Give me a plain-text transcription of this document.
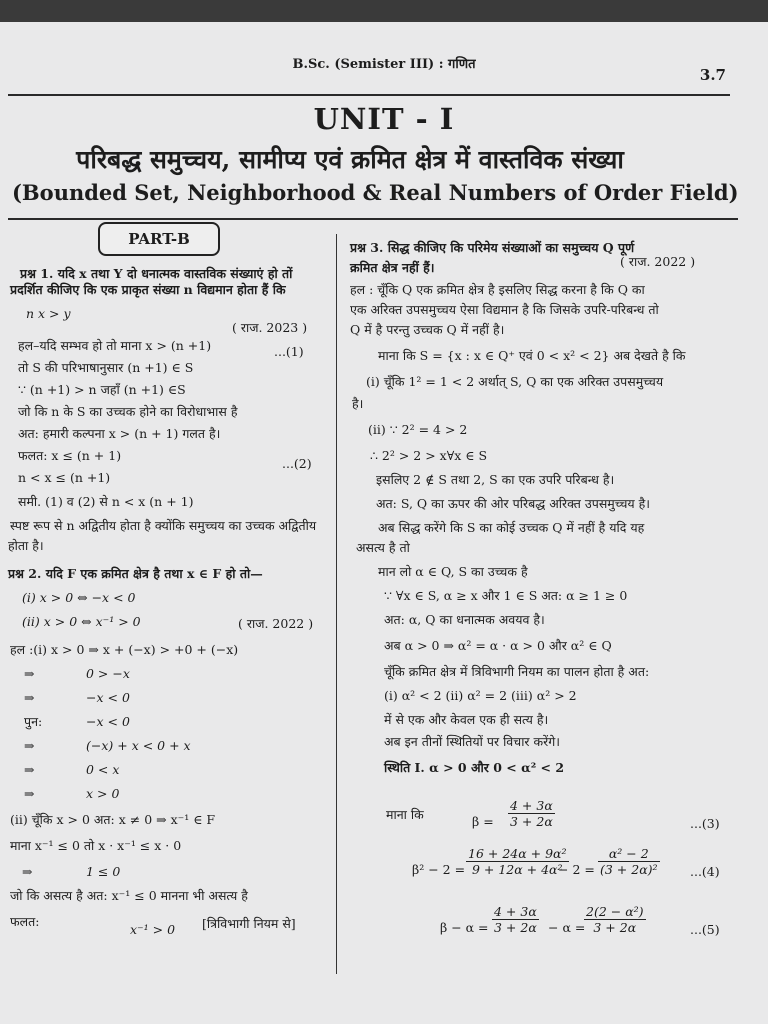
B.Sc. (Semister III) : गणित
3.7
UNIT - I
परिबद्ध समुच्चय, सामीप्य एवं क्रमित क्षेत्र में वास्तविक संख्या
(Bounded Set, Neighborhood & Real Numbers of Order Field)
PART-B
प्रश्न 1. यदि x तथा Y दो धनात्मक वास्तविक संख्याएं हो तों
प्रदर्शित कीजिए कि एक प्राकृत संख्या n विद्यमान होता हैं कि
n x > y
( राज. 2023 )
हल–यदि सम्भव हो तो माना x > (n +1)	...(1)
तो S की परिभाषानुसार (n +1) ∈ S
∵ (n +1) > n जहाँ (n +1) ∈S
जो कि n के S का उच्चक होने का विरोधाभास है
अत: हमारी कल्पना x > (n + 1) गलत है।
फलत: x ≤ (n + 1)
...(2)
n < x ≤ (n +1)
समी. (1) व (2) से n < x (n + 1)
स्पष्ट रूप से n अद्वितीय होता है क्योंकि समुच्चय का उच्चक अद्वितीय
होता है।
प्रश्न 2. यदि F एक क्रमित क्षेत्र है तथा x ∈ F हो तो—
(i) x > 0 ⇔ −x < 0
(ii) x > 0 ⇔ x⁻¹ > 0	( राज. 2022 )
हल :(i) x > 0 ⇒ x + (−x) > +0 + (−x)
⇒	0 > −x
⇒	−x < 0
पुन:	−x < 0
⇒	(−x) + x < 0 + x
⇒	0 < x
⇒	x > 0
(ii) चूँकि x > 0 अत: x ≠ 0 ⇒ x⁻¹ ∈ F
माना x⁻¹ ≤ 0 तो x · x⁻¹ ≤ x · 0
⇒	1 ≤ 0
जो कि असत्य है अत: x⁻¹ ≤ 0 मानना भी असत्य है
फलत:
x⁻¹ > 0 [त्रिविभागी नियम से]
प्रश्न 3. सिद्ध कीजिए कि परिमेय संख्याओं का समुच्चय Q पूर्ण
क्रमित क्षेत्र नहीं हैं।	( राज. 2022 )
हल : चूँकि Q एक क्रमित क्षेत्र है इसलिए सिद्ध करना है कि Q का
एक अरिक्त उपसमुच्चय ऐसा विद्यमान है कि जिसके उपरि-परिबन्ध तो
Q में है परन्तु उच्चक Q में नहीं है।
माना कि S = {x : x ∈ Q⁺ एवं 0 < x² < 2} अब देखते है कि
(i) चूँकि 1² = 1 < 2 अर्थात् S, Q का एक अरिक्त उपसमुच्चय
है।
(ii) ∵ 2² = 4 > 2
∴ 2² > 2 > x∀x ∈ S
इसलिए 2 ∉ S तथा 2, S का एक उपरि परिबन्ध है।
अत: S, Q का ऊपर की ओर परिबद्ध अरिक्त उपसमुच्चय है।
अब सिद्ध करेंगे कि S का कोई उच्चक Q में नहीं है यदि यह
असत्य है तो
मान लो α ∈ Q, S का उच्चक है
∵ ∀x ∈ S, α ≥ x और 1 ∈ S अत: α ≥ 1 ≥ 0
अत: α, Q का धनात्मक अवयव है।
अब α > 0 ⇒ α² = α · α > 0 और α² ∈ Q
चूँकि क्रमित क्षेत्र में त्रिविभागी नियम का पालन होता है अत:
(i) α² < 2 (ii) α² = 2 (iii) α² > 2
में से एक और केवल एक ही सत्य है।
अब इन तीनों स्थितियों पर विचार करेंगे।
स्थिति I. α > 0 और 0 < α² < 2
माना कि	$\beta = \frac{4 + 3\alpha}{3 + 2\alpha}$	...(3)
$\beta^2 - 2 = \frac{\text{16 + 24α + 9α²}}{\text{9 + 12α + 4α²}}$
− $2 = \frac{\text{α² − 2}}{\text{(3 + 2α)²}} ...(4)$
$\beta - \alpha = \frac{4 + 3\alpha}{3 + 2\alpha} - \alpha$ =
$\frac{\text{2(2 − α²)}}{3 + 2\alpha}$	...(5)
